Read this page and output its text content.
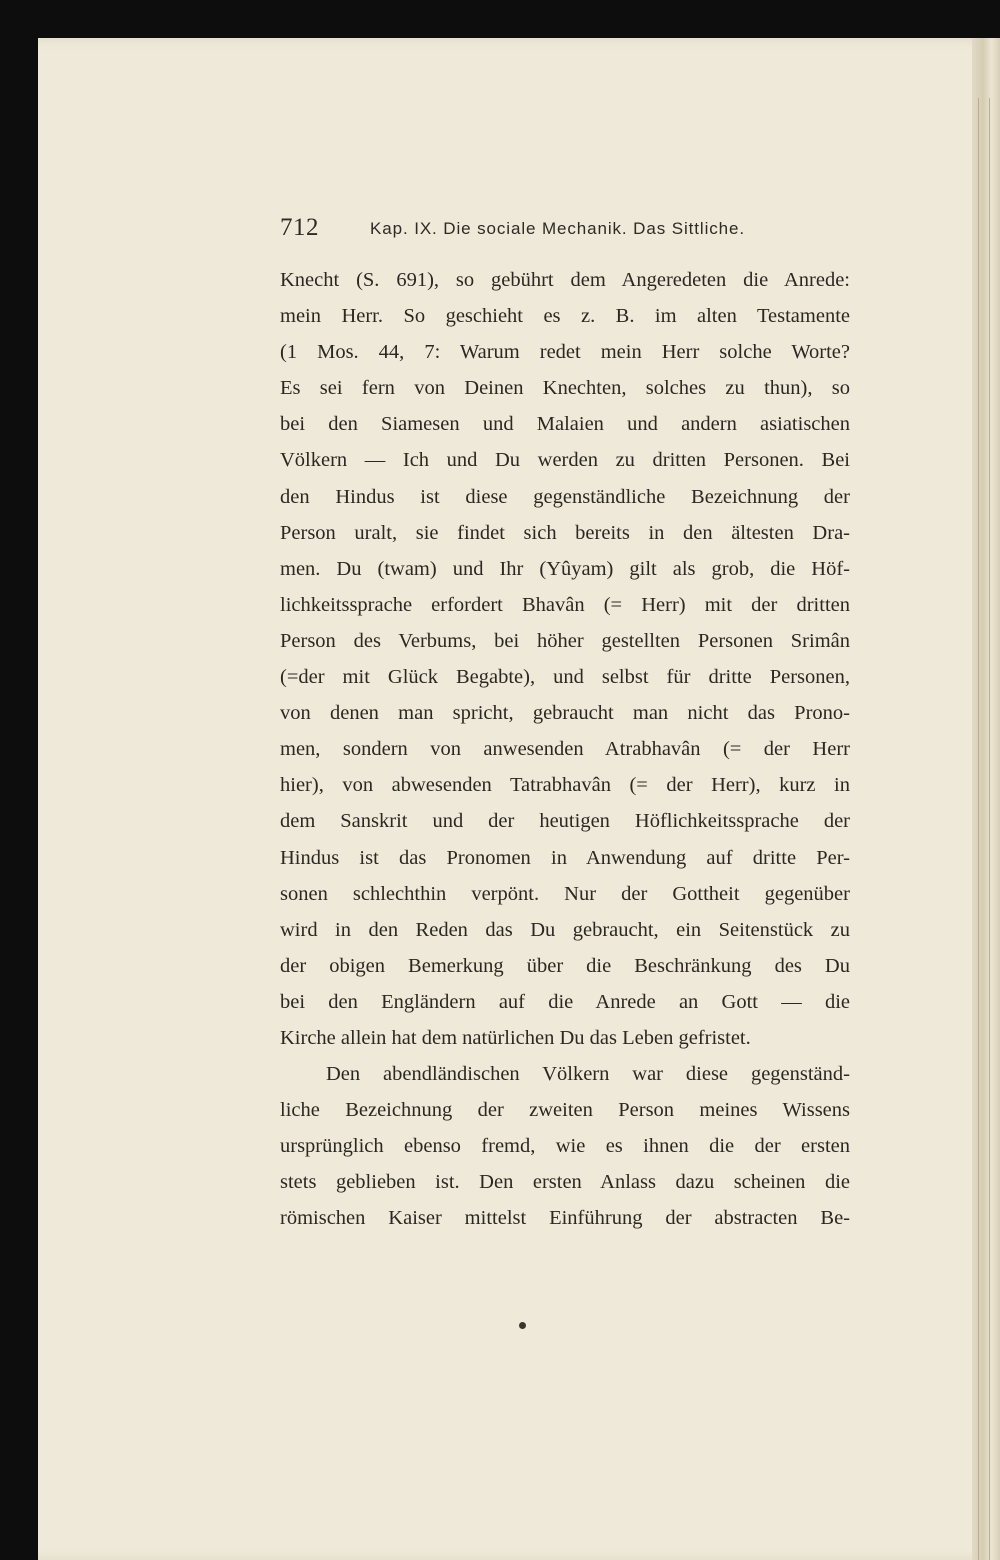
712	Kap. IX. Die sociale Mechanik. Das Sittliche.
Knecht (S. 691), so gebührt dem Angeredeten die Anrede:
mein Herr. So geschieht es z. B. im alten Testamente
(1 Mos. 44, 7: Warum redet mein Herr solche Worte?
Es sei fern von Deinen Knechten, solches zu thun), so
bei den Siamesen und Malaien und andern asiatischen
Völkern — Ich und Du werden zu dritten Personen. Bei
den Hindus ist diese gegenständliche Bezeichnung der
Person uralt, sie findet sich bereits in den ältesten Dra-
men. Du (twam) und Ihr (Yûyam) gilt als grob, die Höf-
lichkeitssprache erfordert Bhavân (= Herr) mit der dritten
Person des Verbums, bei höher gestellten Personen Srimân
(=der mit Glück Begabte), und selbst für dritte Personen,
von denen man spricht, gebraucht man nicht das Prono-
men, sondern von anwesenden Atrabhavân (= der Herr
hier), von abwesenden Tatrabhavân (= der Herr), kurz in
dem Sanskrit und der heutigen Höflichkeitssprache der
Hindus ist das Pronomen in Anwendung auf dritte Per-
sonen schlechthin verpönt. Nur der Gottheit gegenüber
wird in den Reden das Du gebraucht, ein Seitenstück zu
der obigen Bemerkung über die Beschränkung des Du
bei den Engländern auf die Anrede an Gott — die
Kirche allein hat dem natürlichen Du das Leben gefristet.
Den abendländischen Völkern war diese gegenständ-
liche Bezeichnung der zweiten Person meines Wissens
ursprünglich ebenso fremd, wie es ihnen die der ersten
stets geblieben ist. Den ersten Anlass dazu scheinen die
römischen Kaiser mittelst Einführung der abstracten Be-
